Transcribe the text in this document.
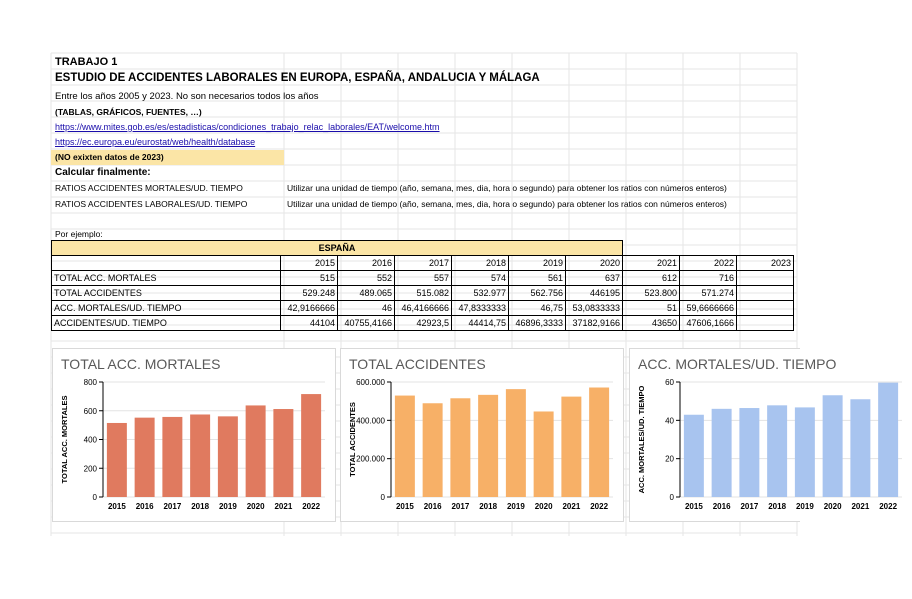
TRABAJO 1
ESTUDIO DE ACCIDENTES LABORALES EN EUROPA, ESPAÑA, ANDALUCIA Y MÁLAGA
Entre los años 2005 y 2023. No son necesarios todos los años
(TABLAS, GRÁFICOS, FUENTES, …)
https://www.mites.gob.es/es/estadisticas/condiciones_trabajo_relac_laborales/EAT/welcome.htm
https://ec.europa.eu/eurostat/web/health/database
(NO exixten datos de 2023)
Calcular finalmente:
RATIOS ACCIDENTES MORTALES/UD. TIEMPO	Utilizar una unidad de tiempo (año, semana, mes, dia, hora o segundo) para obtener los ratios con números enteros)
RATIOS ACCIDENTES LABORALES/UD. TIEMPO	Utilizar una unidad de tiempo (año, semana, mes, dia, hora o segundo) para obtener los ratios con números enteros)
Por ejemplo:
ESPAÑA									
	2015	2016	2017	2018	2019	2020	2021	2022	2023
TOTAL ACC. MORTALES	515	552	557	574	561	637	612	716	
TOTAL ACCIDENTES	529.248	489.065	515.082	532.977	562.756	446195	523.800	571.274	
ACC. MORTALES/UD. TIEMPO	42,9166666	46	46,4166666	47,8333333	46,75	53,0833333	51	59,6666666	
ACCIDENTES/UD. TIEMPO	44104	40755,4166	42923,5	44414,75	46896,3333	37182,9166	43650	47606,1666	
TOTAL ACC. MORTALES
0
200
400
600
800
2015 2016 2017 2018 2019 2020 2021 2022
TOTAL ACC. MORTALES
TOTAL ACCIDENTES
0
200.000
400.000
600.000
2015 2016 2017 2018 2019 2020 2021 2022
TOTAL ACCIDENTES
ACC. MORTALES/UD. TIEMPO
0
20
40
60
2015 2016 2017 2018 2019 2020 2021 2022
ACC. MORTALES/UD. TIEMPO
